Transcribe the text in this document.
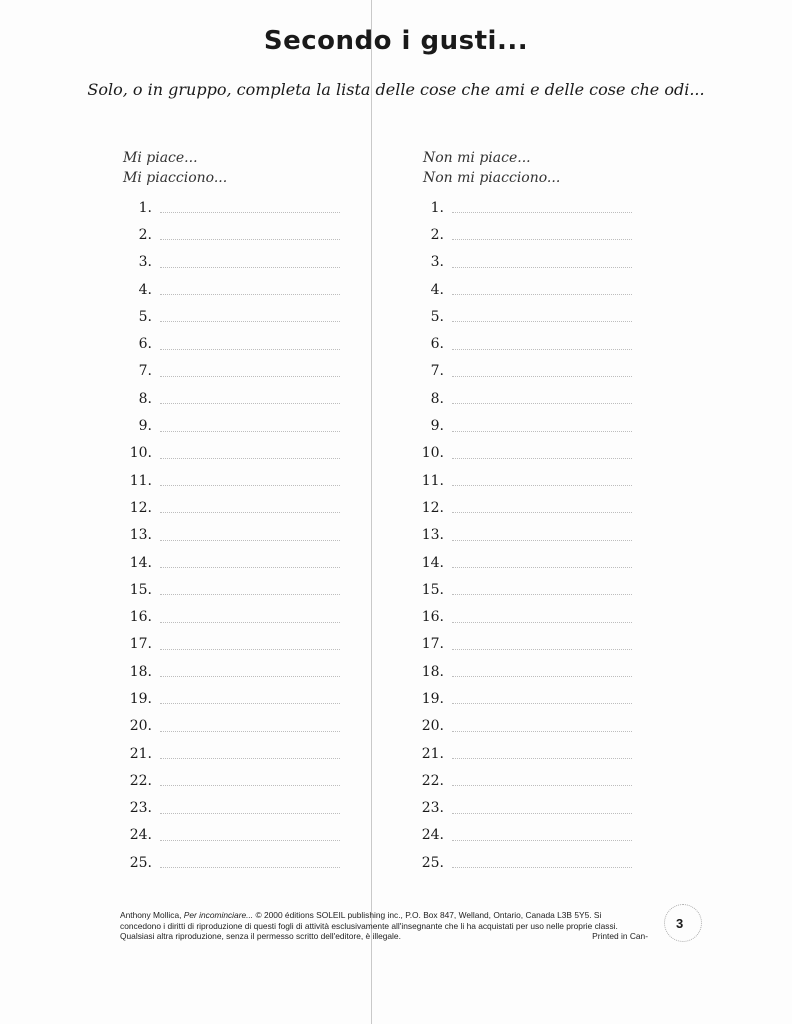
Secondo i gusti...
Solo, o in gruppo, completa la lista delle cose che ami e delle cose che odi...
Mi piace...
Mi piacciono...
Non mi piace...
Non mi piacciono...
1.
2.
3.
4.
5.
6.
7.
8.
9.
10.
11.
12.
13.
14.
15.
16.
17.
18.
19.
20.
21.
22.
23.
24.
25.
1.
2.
3.
4.
5.
6.
7.
8.
9.
10.
11.
12.
13.
14.
15.
16.
17.
18.
19.
20.
21.
22.
23.
24.
25.
Anthony Mollica, Per incominciare... © 2000 éditions SOLEIL publishing inc., P.O. Box 847, Welland, Ontario, Canada L3B 5Y5. Si
concedono i diritti di riproduzione di questi fogli di attività esclusivamente all'insegnante che li ha acquistati per uso nelle proprie classi.
Qualsiasi altra riproduzione, senza il permesso scritto dell'editore, è illegale.	Printed in Can-
3
